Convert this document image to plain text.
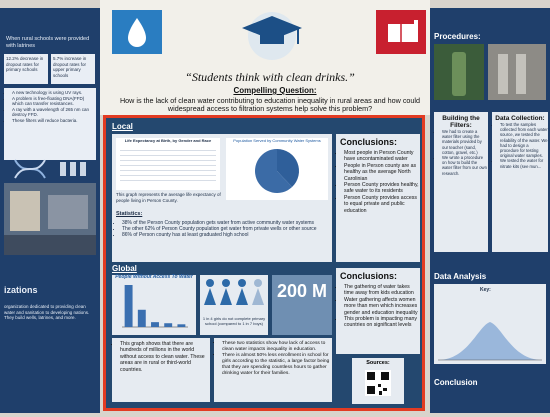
When rural schools were provided with latrines
12.2% decrease in dropout rates for primary schools
5.7% increase in dropout rates for upper primary schools
• A new technology is using UV rays.
• A problem is free-floating DNA(FFD) which can transfer resistances.
• A ray with a wavelength of 265 nm can destroy FFD.
• These filters will reduce bacteria.
izations
organization dedicated to providing clean water and sanitation to developing nations. They build wells, latrines, and more.
“Students think with clean drinks.”
Compelling Question:
How is the lack of clean water contributing to education inequality in rural areas and how could widespread access to filtration systems help solve this problem?
Local
Life Expectancy at Birth, by Gender and Race
This graph represents the average life expectancy of people living in Person County.
Population Served by Community Water Systems
Statistics:
• 38% of the Person County population gets water from active community water systems
• The other 62% of Person County population get water from private wells or other source
• 86% of Person county has at least graduated high school
Conclusions:
• Most people in Person County have uncontaminated water
• People in Person county are as healthy as the average North Carolinian
• Person County provides healthy, safe water to its residents
• Person County provides access to equal private and public education
Global
People Without Access To Water
1 in 4 girls do not complete primary school (compared to 1 in 7 boys)
200 M
• This graph shows that there are hundreds of millions in the world without access to clean water. These areas are in rural or third-world countries.
• These two statistics show how lack of access to clean water impacts inequality in education.
• There is almost 50% less enrollment in school for girls according to the statistic, a large factor being that they are spending countless hours to gather drinking water for their families.
Conclusions:
• The gathering of water takes time away from kids education
• Water gathering affects women more than men which increases gender and education inequality
• This problem is impacting many countries on significant levels
Sources:
Procedures:
Building the Filters:
• We had to create a water filter using the materials provided by our teacher (sand, cotton, gravel, etc.)
• We wrote a procedure on how to build the water filter from our own research.
Data Collection:
• To test the samples collected from each water source, we tested the reliability of the water. We had to design a procedure for testing original water samples.
• We tested the water for nitrate kits (see mun...
Data Analysis
Key:
Conclusion
